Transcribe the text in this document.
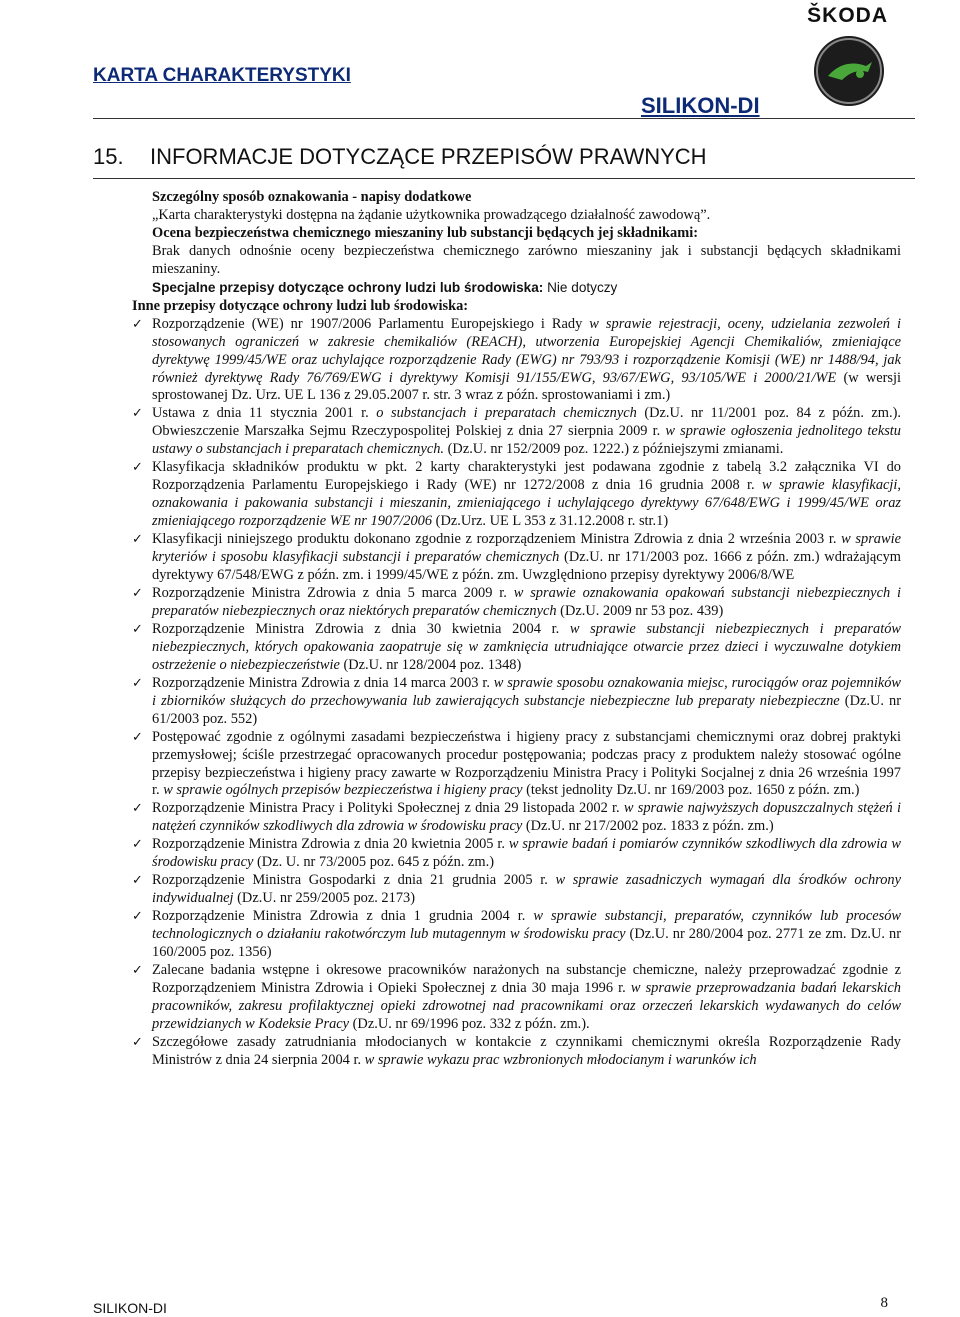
ŠKODA
KARTA CHARAKTERYSTYKI
SILIKON-DI
15. INFORMACJE DOTYCZĄCE PRZEPISÓW PRAWNYCH

Szczególny sposób oznakowania - napisy dodatkowe
„Karta charakterystyki dostępna na żądanie użytkownika prowadzącego działalność zawodową”.

Ocena bezpieczeństwa chemicznego mieszaniny lub substancji będących jej składnikami:
Brak danych odnośnie oceny bezpieczeństwa chemicznego zarówno mieszaniny jak i substancji będących składnikami mieszaniny.

Specjalne przepisy dotyczące ochrony ludzi lub środowiska: Nie dotyczy

Inne przepisy dotyczące ochrony ludzi lub środowiska:
✓ Rozporządzenie (WE) nr 1907/2006 Parlamentu Europejskiego i Rady w sprawie rejestracji, oceny, udzielania zezwoleń i stosowanych ograniczeń w zakresie chemikaliów (REACH), utworzenia Europejskiej Agencji Chemikaliów, zmieniające dyrektywę 1999/45/WE oraz uchylające rozporządzenie Rady (EWG) nr 793/93 i rozporządzenie Komisji (WE) nr 1488/94, jak również dyrektywę Rady 76/769/EWG i dyrektywy Komisji 91/155/EWG, 93/67/EWG, 93/105/WE i 2000/21/WE (w wersji sprostowanej Dz. Urz. UE L 136 z 29.05.2007 r. str. 3 wraz z późn. sprostowaniami i zm.)
✓ Ustawa z dnia 11 stycznia 2001 r. o substancjach i preparatach chemicznych (Dz.U. nr 11/2001 poz. 84 z późn. zm.). Obwieszczenie Marszałka Sejmu Rzeczypospolitej Polskiej z dnia 27 sierpnia 2009 r. w sprawie ogłoszenia jednolitego tekstu ustawy o substancjach i preparatach chemicznych. (Dz.U. nr 152/2009 poz. 1222.) z późniejszymi zmianami.
✓ Klasyfikacja składników produktu w pkt. 2 karty charakterystyki jest podawana zgodnie z tabelą 3.2 załącznika VI do Rozporządzenia Parlamentu Europejskiego i Rady (WE) nr 1272/2008 z dnia 16 grudnia 2008 r. w sprawie klasyfikacji, oznakowania i pakowania substancji i mieszanin, zmieniającego i uchylającego dyrektywy 67/648/EWG i 1999/45/WE oraz zmieniającego rozporządzenie WE nr 1907/2006 (Dz.Urz. UE L 353 z 31.12.2008 r. str.1)
✓ Klasyfikacji niniejszego produktu dokonano zgodnie z rozporządzeniem Ministra Zdrowia z dnia 2 września 2003 r. w sprawie kryteriów i sposobu klasyfikacji substancji i preparatów chemicznych (Dz.U. nr 171/2003 poz. 1666 z późn. zm.) wdrażającym dyrektywy 67/548/EWG z późn. zm. i 1999/45/WE z późn. zm. Uwzględniono przepisy dyrektywy 2006/8/WE
✓ Rozporządzenie Ministra Zdrowia z dnia 5 marca 2009 r. w sprawie oznakowania opakowań substancji niebezpiecznych i preparatów niebezpiecznych oraz niektórych preparatów chemicznych (Dz.U. 2009 nr 53 poz. 439)
✓ Rozporządzenie Ministra Zdrowia z dnia 30 kwietnia 2004 r. w sprawie substancji niebezpiecznych i preparatów niebezpiecznych, których opakowania zaopatruje się w zamknięcia utrudniające otwarcie przez dzieci i wyczuwalne dotykiem ostrzeżenie o niebezpieczeństwie (Dz.U. nr 128/2004 poz. 1348)
✓ Rozporządzenie Ministra Zdrowia z dnia 14 marca 2003 r. w sprawie sposobu oznakowania miejsc, rurociągów oraz pojemników i zbiorników służących do przechowywania lub zawierających substancje niebezpieczne lub preparaty niebezpieczne (Dz.U. nr 61/2003 poz. 552)
✓ Postępować zgodnie z ogólnymi zasadami bezpieczeństwa i higieny pracy z substancjami chemicznymi oraz dobrej praktyki przemysłowej; ściśle przestrzegać opracowanych procedur postępowania; podczas pracy z produktem należy stosować ogólne przepisy bezpieczeństwa i higieny pracy zawarte w Rozporządzeniu Ministra Pracy i Polityki Socjalnej z dnia 26 września 1997 r. w sprawie ogólnych przepisów bezpieczeństwa i higieny pracy (tekst jednolity Dz.U. nr 169/2003 poz. 1650 z późn. zm.)
✓ Rozporządzenie Ministra Pracy i Polityki Społecznej z dnia 29 listopada 2002 r. w sprawie najwyższych dopuszczalnych stężeń i natężeń czynników szkodliwych dla zdrowia w środowisku pracy (Dz.U. nr 217/2002 poz. 1833 z późn. zm.)
✓ Rozporządzenie Ministra Zdrowia z dnia 20 kwietnia 2005 r. w sprawie badań i pomiarów czynników szkodliwych dla zdrowia w środowisku pracy (Dz. U. nr 73/2005 poz. 645 z późn. zm.)
✓ Rozporządzenie Ministra Gospodarki z dnia 21 grudnia 2005 r. w sprawie zasadniczych wymagań dla środków ochrony indywidualnej (Dz.U. nr 259/2005 poz. 2173)
✓ Rozporządzenie Ministra Zdrowia z dnia 1 grudnia 2004 r. w sprawie substancji, preparatów, czynników lub procesów technologicznych o działaniu rakotwórczym lub mutagennym w środowisku pracy (Dz.U. nr 280/2004 poz. 2771 ze zm. Dz.U. nr 160/2005 poz. 1356)
✓ Zalecane badania wstępne i okresowe pracowników narażonych na substancje chemiczne, należy przeprowadzać zgodnie z Rozporządzeniem Ministra Zdrowia i Opieki Społecznej z dnia 30 maja 1996 r. w sprawie przeprowadzania badań lekarskich pracowników, zakresu profilaktycznej opieki zdrowotnej nad pracownikami oraz orzeczeń lekarskich wydawanych do celów przewidzianych w Kodeksie Pracy (Dz.U. nr 69/1996 poz. 332 z późn. zm.).
✓ Szczegółowe zasady zatrudniania młodocianych w kontakcie z czynnikami chemicznymi określa Rozporządzenie Rady Ministrów z dnia 24 sierpnia 2004 r. w sprawie wykazu prac wzbronionych młodocianym i warunków ich
SILIKON-DI	8
